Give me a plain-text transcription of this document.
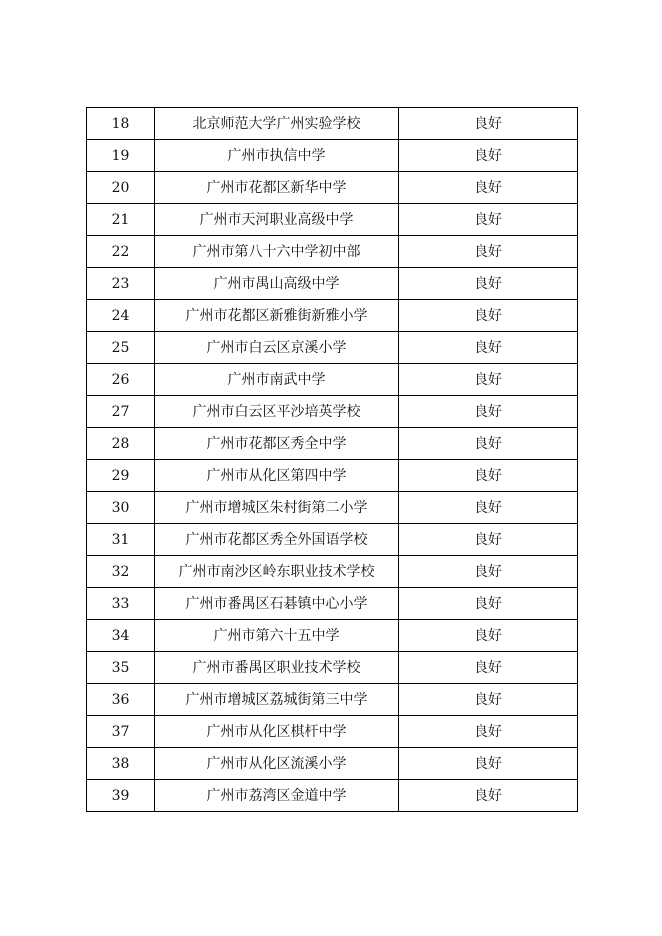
18	北京师范大学广州实验学校	良好
19	广州市执信中学	良好
20	广州市花都区新华中学	良好
21	广州市天河职业高级中学	良好
22	广州市第八十六中学初中部	良好
23	广州市禺山高级中学	良好
24	广州市花都区新雅街新雅小学	良好
25	广州市白云区京溪小学	良好
26	广州市南武中学	良好
27	广州市白云区平沙培英学校	良好
28	广州市花都区秀全中学	良好
29	广州市从化区第四中学	良好
30	广州市增城区朱村街第二小学	良好
31	广州市花都区秀全外国语学校	良好
32	广州市南沙区岭东职业技术学校	良好
33	广州市番禺区石碁镇中心小学	良好
34	广州市第六十五中学	良好
35	广州市番禺区职业技术学校	良好
36	广州市增城区荔城街第三中学	良好
37	广州市从化区棋杆中学	良好
38	广州市从化区流溪小学	良好
39	广州市荔湾区金道中学	良好
